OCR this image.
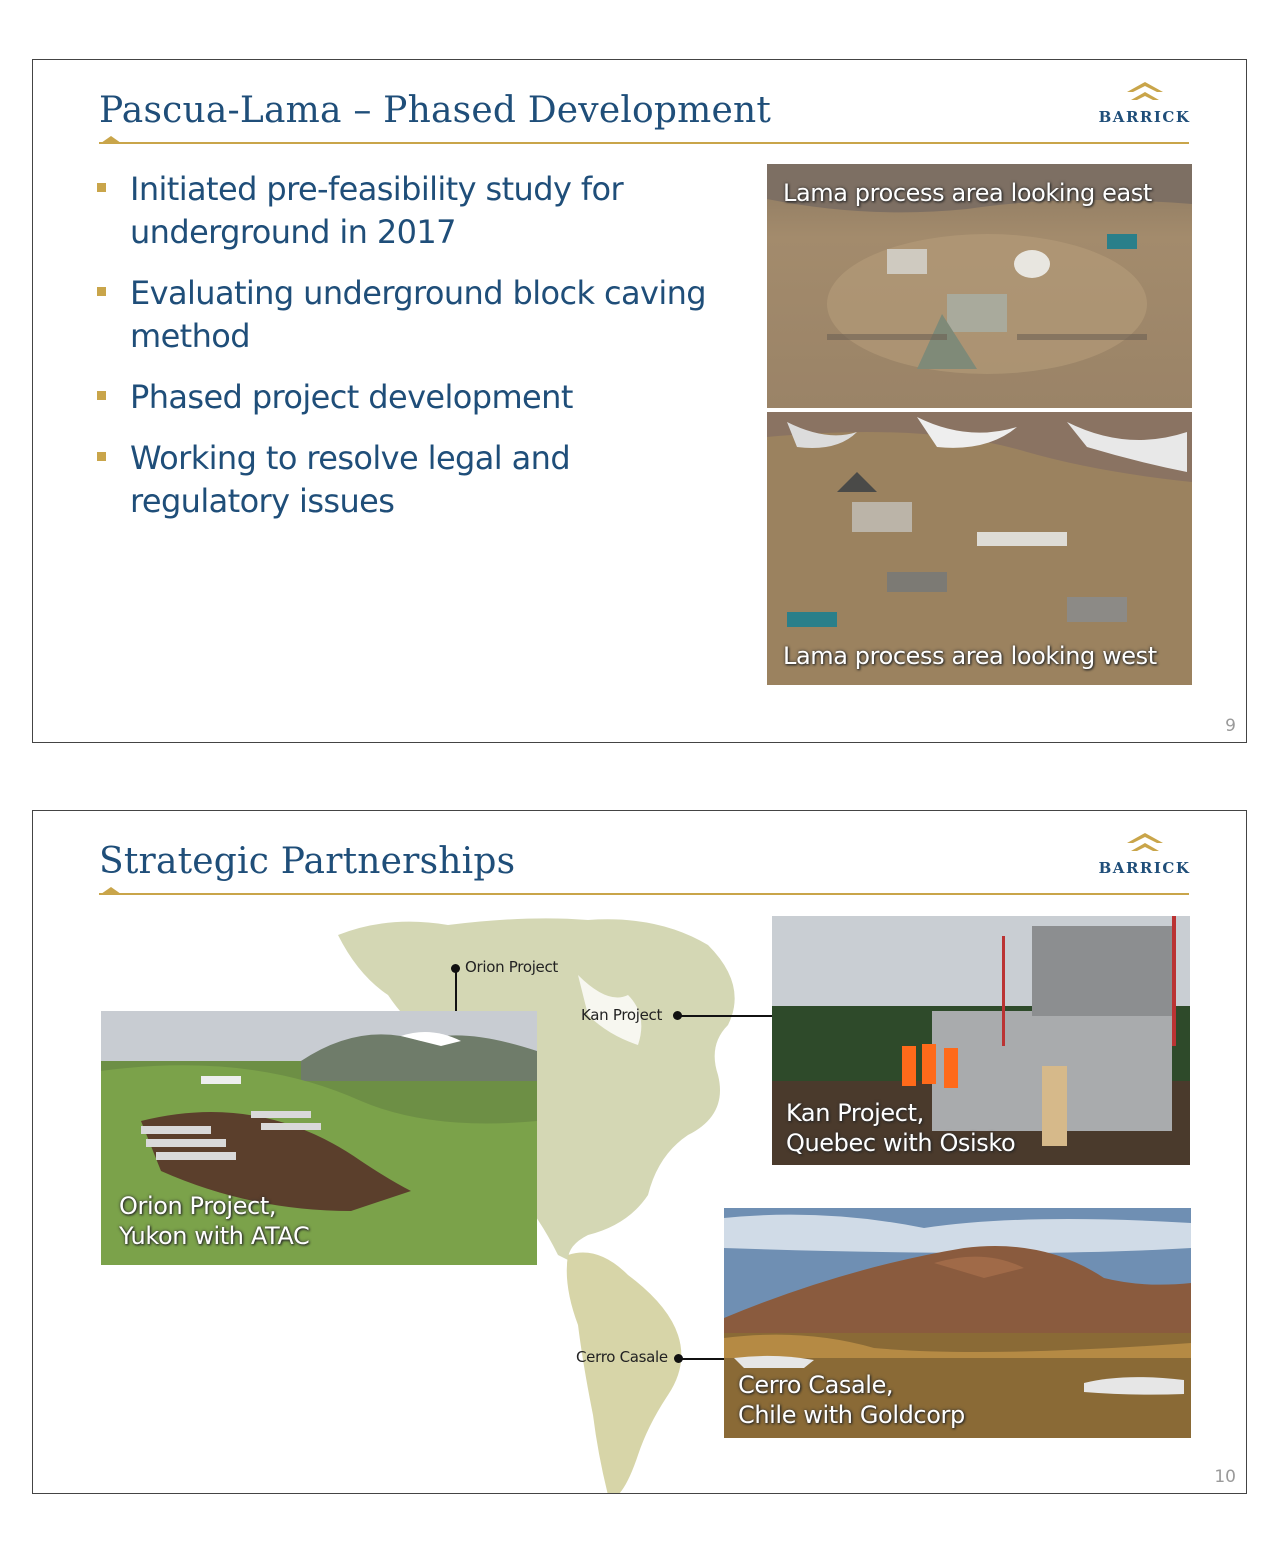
Pascua-Lama – Phased Development	BARRICK
Initiated pre-feasibility study for underground in 2017
Evaluating underground block caving method
Phased project development
Working to resolve legal and regulatory issues
Lama process area looking east
Lama process area looking west
9
Strategic Partnerships	BARRICK
Orion Project
Kan Project
Cerro Casale
Orion Project,
Yukon with ATAC
Kan Project,
Quebec with Osisko
Cerro Casale,
Chile with Goldcorp
10
